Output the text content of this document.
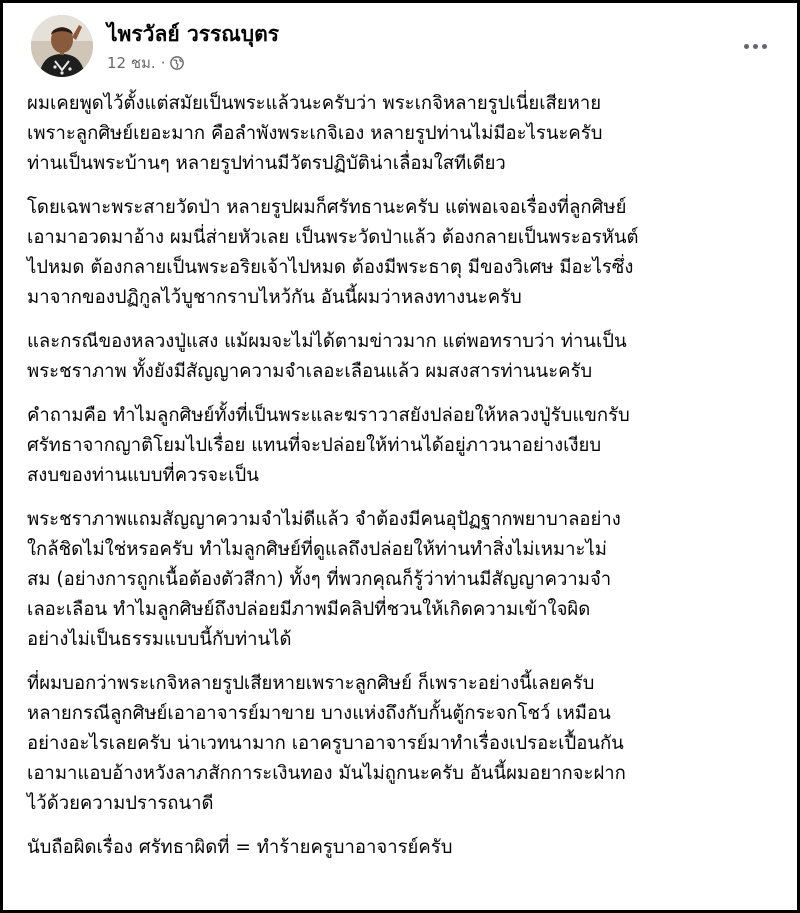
ไพรวัลย์ วรรณบุตร
12 ชม. ·
ผมเคยพูดไว้ตั้งแต่สมัยเป็นพระแล้วนะครับว่า พระเกจิหลายรูปเนี่ยเสียหาย
เพราะลูกศิษย์เยอะมาก คือลำพังพระเกจิเอง หลายรูปท่านไม่มีอะไรนะครับ
ท่านเป็นพระบ้านๆ หลายรูปท่านมีวัตรปฏิบัติน่าเลื่อมใสทีเดียว
โดยเฉพาะพระสายวัดป่า หลายรูปผมก็ศรัทธานะครับ แต่พอเจอเรื่องที่ลูกศิษย์
เอามาอวดมาอ้าง ผมนี่ส่ายหัวเลย เป็นพระวัดป่าแล้ว ต้องกลายเป็นพระอรหันต์
ไปหมด ต้องกลายเป็นพระอริยเจ้าไปหมด ต้องมีพระธาตุ มีของวิเศษ มีอะไรซึ่ง
มาจากของปฏิกูลไว้บูชากราบไหว้กัน อันนี้ผมว่าหลงทางนะครับ
และกรณีของหลวงปู่แสง แม้ผมจะไม่ได้ตามข่าวมาก แต่พอทราบว่า ท่านเป็น
พระชราภาพ ทั้งยังมีสัญญาความจำเลอะเลือนแล้ว ผมสงสารท่านนะครับ
คำถามคือ ทำไมลูกศิษย์ทั้งที่เป็นพระและฆราวาสยังปล่อยให้หลวงปู่รับแขกรับ
ศรัทธาจากญาติโยมไปเรื่อย แทนที่จะปล่อยให้ท่านได้อยู่ภาวนาอย่างเงียบ
สงบของท่านแบบที่ควรจะเป็น
พระชราภาพแถมสัญญาความจำไม่ดีแล้ว จำต้องมีคนอุปัฏฐากพยาบาลอย่าง
ใกล้ชิดไม่ใช่หรอครับ ทำไมลูกศิษย์ที่ดูแลถึงปล่อยให้ท่านทำสิ่งไม่เหมาะไม่
สม (อย่างการถูกเนื้อต้องตัวสีกา) ทั้งๆ ที่พวกคุณก็รู้ว่าท่านมีสัญญาความจำ
เลอะเลือน ทำไมลูกศิษย์ถึงปล่อยมีภาพมีคลิปที่ชวนให้เกิดความเข้าใจผิด
อย่างไม่เป็นธรรมแบบนี้กับท่านได้
ที่ผมบอกว่าพระเกจิหลายรูปเสียหายเพราะลูกศิษย์ ก็เพราะอย่างนี้เลยครับ
หลายกรณีลูกศิษย์เอาอาจารย์มาขาย บางแห่งถึงกับกั้นตู้กระจกโชว์ เหมือน
อย่างอะไรเลยครับ น่าเวทนามาก เอาครูบาอาจารย์มาทำเรื่องเปรอะเปื้อนกัน
เอามาแอบอ้างหวังลาภสักการะเงินทอง มันไม่ถูกนะครับ อันนี้ผมอยากจะฝาก
ไว้ด้วยความปรารถนาดี
นับถือผิดเรื่อง ศรัทธาผิดที่ = ทำร้ายครูบาอาจารย์ครับ
